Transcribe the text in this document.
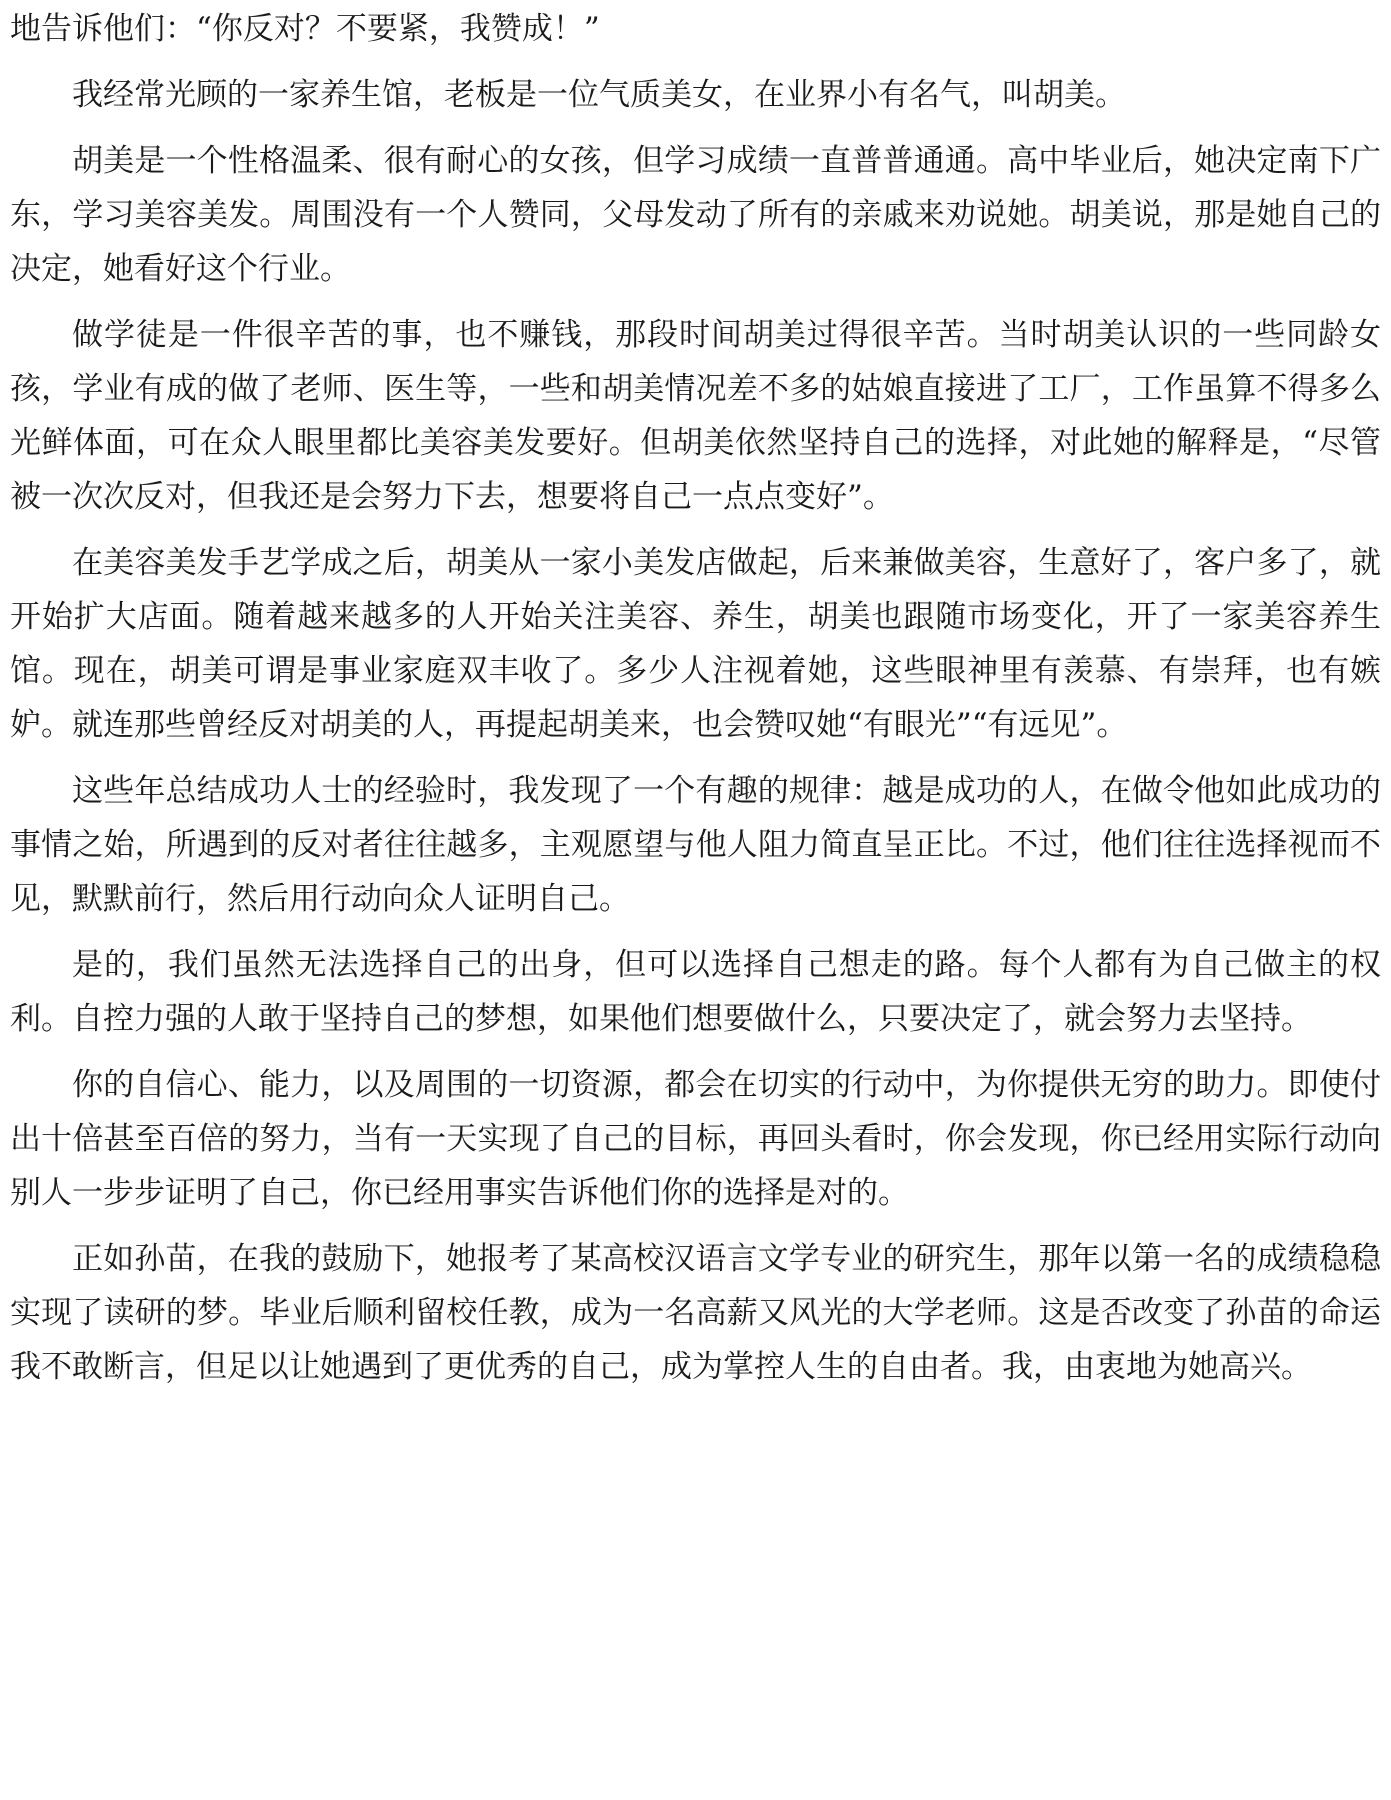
地告诉他们：“你反对？不要紧，我赞成！”

我经常光顾的一家养生馆，老板是一位气质美女，在业界小有名气，叫胡美。

胡美是一个性格温柔、很有耐心的女孩，但学习成绩一直普普通通。高中毕业后，她决定南下广东，学习美容美发。周围没有一个人赞同，父母发动了所有的亲戚来劝说她。胡美说，那是她自己的决定，她看好这个行业。

做学徒是一件很辛苦的事，也不赚钱，那段时间胡美过得很辛苦。当时胡美认识的一些同龄女孩，学业有成的做了老师、医生等，一些和胡美情况差不多的姑娘直接进了工厂，工作虽算不得多么光鲜体面，可在众人眼里都比美容美发要好。但胡美依然坚持自己的选择，对此她的解释是，“尽管被一次次反对，但我还是会努力下去，想要将自己一点点变好”。

在美容美发手艺学成之后，胡美从一家小美发店做起，后来兼做美容，生意好了，客户多了，就开始扩大店面。随着越来越多的人开始关注美容、养生，胡美也跟随市场变化，开了一家美容养生馆。现在，胡美可谓是事业家庭双丰收了。多少人注视着她，这些眼神里有羡慕、有崇拜，也有嫉妒。就连那些曾经反对胡美的人，再提起胡美来，也会赞叹她“有眼光”“有远见”。

这些年总结成功人士的经验时，我发现了一个有趣的规律：越是成功的人，在做令他如此成功的事情之始，所遇到的反对者往往越多，主观愿望与他人阻力简直呈正比。不过，他们往往选择视而不见，默默前行，然后用行动向众人证明自己。

是的，我们虽然无法选择自己的出身，但可以选择自己想走的路。每个人都有为自己做主的权利。自控力强的人敢于坚持自己的梦想，如果他们想要做什么，只要决定了，就会努力去坚持。

你的自信心、能力，以及周围的一切资源，都会在切实的行动中，为你提供无穷的助力。即使付出十倍甚至百倍的努力，当有一天实现了自己的目标，再回头看时，你会发现，你已经用实际行动向别人一步步证明了自己，你已经用事实告诉他们你的选择是对的。

正如孙苗，在我的鼓励下，她报考了某高校汉语言文学专业的研究生，那年以第一名的成绩稳稳实现了读研的梦。毕业后顺利留校任教，成为一名高薪又风光的大学老师。这是否改变了孙苗的命运我不敢断言，但足以让她遇到了更优秀的自己，成为掌控人生的自由者。我，由衷地为她高兴。
